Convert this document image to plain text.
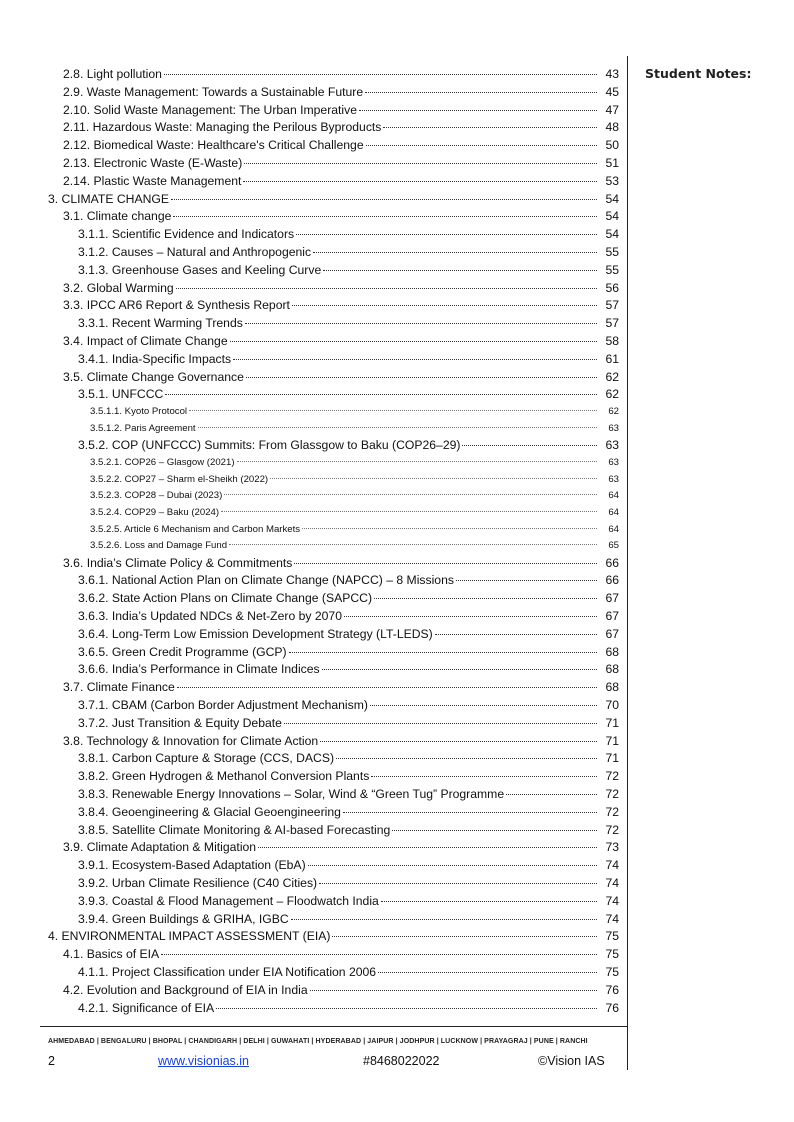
2.8. Light pollution	43
2.9. Waste Management: Towards a Sustainable Future	45
2.10. Solid Waste Management: The Urban Imperative	47
2.11. Hazardous Waste: Managing the Perilous Byproducts	48
2.12. Biomedical Waste: Healthcare's Critical Challenge	50
2.13. Electronic Waste (E-Waste)	51
2.14. Plastic Waste Management	53
3. CLIMATE CHANGE	54
3.1. Climate change	54
3.1.1. Scientific Evidence and Indicators	54
3.1.2. Causes – Natural and Anthropogenic	55
3.1.3. Greenhouse Gases and Keeling Curve	55
3.2. Global Warming	56
3.3. IPCC AR6 Report & Synthesis Report	57
3.3.1. Recent Warming Trends	57
3.4. Impact of Climate Change	58
3.4.1. India-Specific Impacts	61
3.5. Climate Change Governance	62
3.5.1. UNFCCC	62
3.5.1.1. Kyoto Protocol	62
3.5.1.2. Paris Agreement	63
3.5.2. COP (UNFCCC) Summits: From Glassgow to Baku (COP26–29)	63
3.5.2.1. COP26 – Glasgow (2021)	63
3.5.2.2. COP27 – Sharm el-Sheikh (2022)	63
3.5.2.3. COP28 – Dubai (2023)	64
3.5.2.4. COP29 – Baku (2024)	64
3.5.2.5. Article 6 Mechanism and Carbon Markets	64
3.5.2.6. Loss and Damage Fund	65
3.6. India’s Climate Policy & Commitments	66
3.6.1. National Action Plan on Climate Change (NAPCC) – 8 Missions	66
3.6.2. State Action Plans on Climate Change (SAPCC)	67
3.6.3. India’s Updated NDCs & Net-Zero by 2070	67
3.6.4. Long-Term Low Emission Development Strategy (LT-LEDS)	67
3.6.5. Green Credit Programme (GCP)	68
3.6.6. India’s Performance in Climate Indices	68
3.7. Climate Finance	68
3.7.1. CBAM (Carbon Border Adjustment Mechanism)	70
3.7.2. Just Transition & Equity Debate	71
3.8. Technology & Innovation for Climate Action	71
3.8.1. Carbon Capture & Storage (CCS, DACS)	71
3.8.2. Green Hydrogen & Methanol Conversion Plants	72
3.8.3. Renewable Energy Innovations – Solar, Wind & “Green Tug” Programme	72
3.8.4. Geoengineering & Glacial Geoengineering	72
3.8.5. Satellite Climate Monitoring & AI-based Forecasting	72
3.9. Climate Adaptation & Mitigation	73
3.9.1. Ecosystem-Based Adaptation (EbA)	74
3.9.2. Urban Climate Resilience (C40 Cities)	74
3.9.3. Coastal & Flood Management – Floodwatch India	74
3.9.4. Green Buildings & GRIHA, IGBC	74
4. ENVIRONMENTAL IMPACT ASSESSMENT (EIA)	75
4.1. Basics of EIA	75
4.1.1. Project Classification under EIA Notification 2006	75
4.2. Evolution and Background of EIA in India	76
4.2.1. Significance of EIA	76
Student Notes:
AHMEDABAD | BENGALURU | BHOPAL | CHANDIGARH | DELHI | GUWAHATI | HYDERABAD | JAIPUR | JODHPUR | LUCKNOW | PRAYAGRAJ | PUNE | RANCHI
2	www.visionias.in	#8468022022	©Vision IAS
